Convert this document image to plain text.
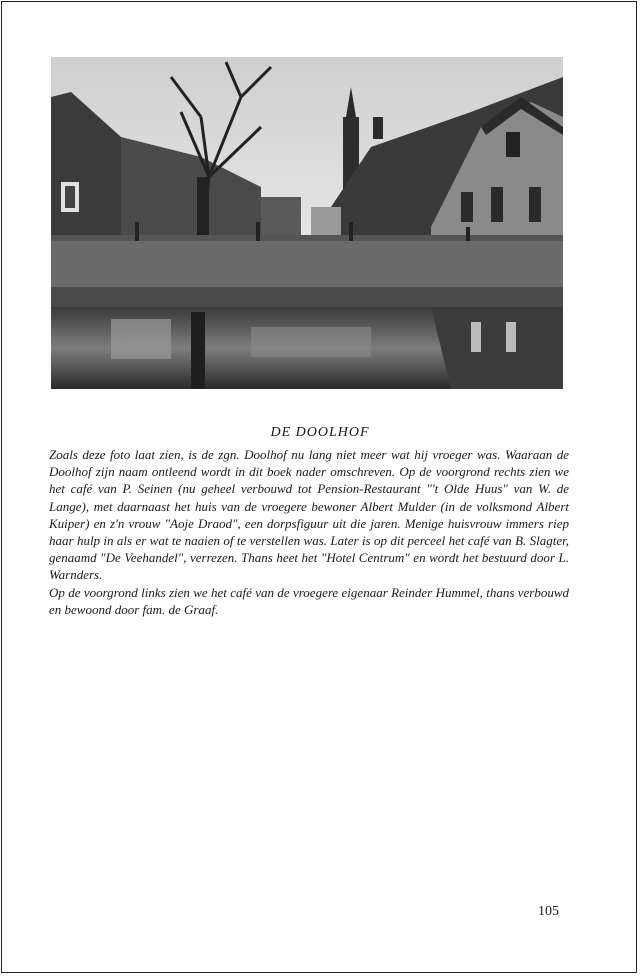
DE DOOLHOF

Zoals deze foto laat zien, is de zgn. Doolhof nu lang niet meer wat hij vroeger was. Waaraan de Doolhof zijn naam ontleend wordt in dit boek nader omschreven. Op de voorgrond rechts zien we het café van P. Seinen (nu geheel verbouwd tot Pension-Restaurant "'t Olde Huus" van W. de Lange), met daarnaast het huis van de vroegere bewoner Albert Mulder (in de volksmond Albert Kuiper) en z'n vrouw "Aoje Draod", een dorpsfiguur uit die jaren. Menige huisvrouw immers riep haar hulp in als er wat te naaien of te verstellen was. Later is op dit perceel het café van B. Slagter, genaamd "De Veehandel", verrezen. Thans heet het "Hotel Centrum" en wordt het bestuurd door L. Warnders.

Op de voorgrond links zien we het café van de vroegere eigenaar Reinder Hummel, thans verbouwd en bewoond door fam. de Graaf.

105
